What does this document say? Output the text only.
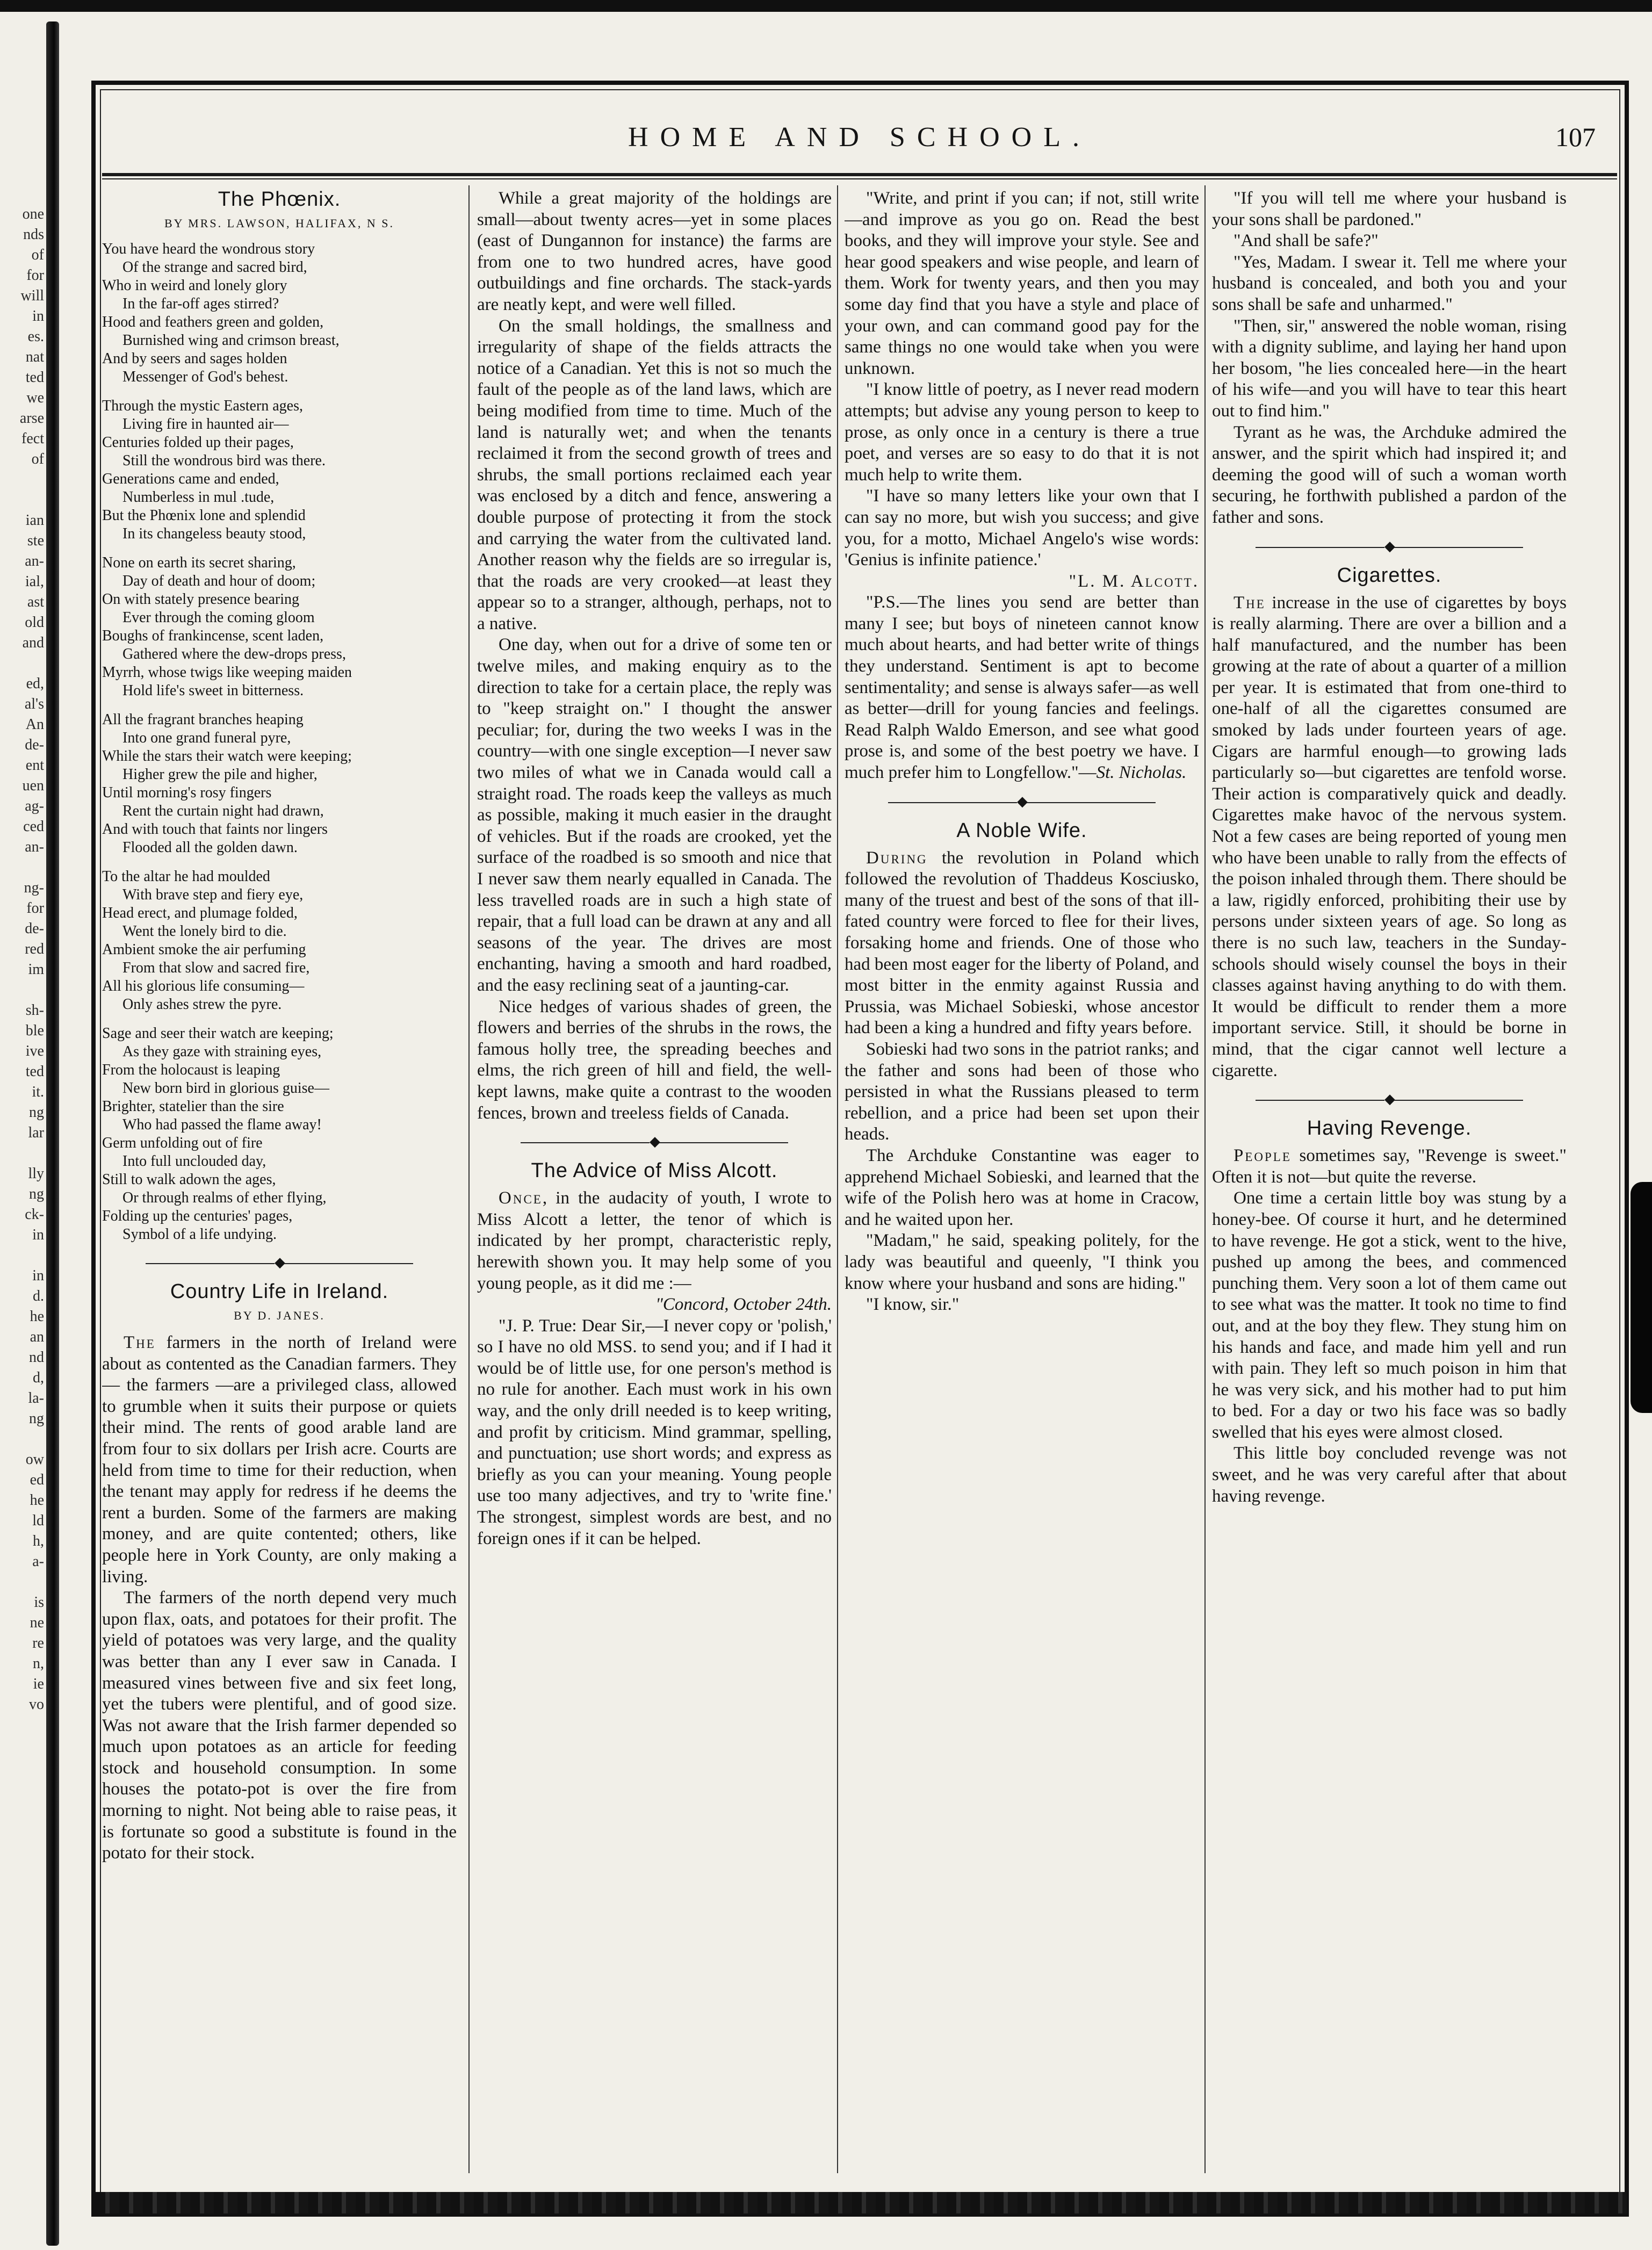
one
nds
of
for
will
in
es.
nat
ted
we
arse
fect
of
ian
ste
an-
ial,
ast
old
and
ed,
al's
An
de-
ent
uen
ag-
ced
an-
ng-
for
de-
red
im
sh-
ble
ive
ted
it.
ng
lar
lly
ng
ck-
in
in
d.
he
an
nd
d,
la-
ng
ow
ed
he
ld
h,
a-
is
ne
re
n,
ie
vo
HOME AND SCHOOL.	107
The Phœnix.
BY MRS. LAWSON, HALIFAX, N S.
You have heard the wondrous story
Of the strange and sacred bird,
Who in weird and lonely glory
In the far-off ages stirred?
Hood and feathers green and golden,
Burnished wing and crimson breast,
And by seers and sages holden
Messenger of God's behest.
Through the mystic Eastern ages,
Living fire in haunted air—
Centuries folded up their pages,
Still the wondrous bird was there.
Generations came and ended,
Numberless in mul .tude,
But the Phœnix lone and splendid
In its changeless beauty stood,
None on earth its secret sharing,
Day of death and hour of doom;
On with stately presence bearing
Ever through the coming gloom
Boughs of frankincense, scent laden,
Gathered where the dew-drops press,
Myrrh, whose twigs like weeping maiden
Hold life's sweet in bitterness.
All the fragrant branches heaping
Into one grand funeral pyre,
While the stars their watch were keeping;
Higher grew the pile and higher,
Until morning's rosy fingers
Rent the curtain night had drawn,
And with touch that faints nor lingers
Flooded all the golden dawn.
To the altar he had moulded
With brave step and fiery eye,
Head erect, and plumage folded,
Went the lonely bird to die.
Ambient smoke the air perfuming
From that slow and sacred fire,
All his glorious life consuming—
Only ashes strew the pyre.
Sage and seer their watch are keeping;
As they gaze with straining eyes,
From the holocaust is leaping
New born bird in glorious guise—
Brighter, statelier than the sire
Who had passed the flame away!
Germ unfolding out of fire
Into full unclouded day,
Still to walk adown the ages,
Or through realms of ether flying,
Folding up the centuries' pages,
Symbol of a life undying.
◆
Country Life in Ireland.
BY D. JANES.

The farmers in the north of Ireland were about as contented as the Canadian farmers. They — the farmers —are a privileged class, allowed to grumble when it suits their purpose or quiets their mind. The rents of good arable land are from four to six dollars per Irish acre. Courts are held from time to time for their reduction, when the tenant may apply for redress if he deems the rent a burden. Some of the farmers are making money, and are quite contented; others, like people here in York County, are only making a living.

The farmers of the north depend very much upon flax, oats, and potatoes for their profit. The yield of potatoes was very large, and the quality was better than any I ever saw in Canada. I measured vines between five and six feet long, yet the tubers were plentiful, and of good size. Was not aware that the Irish farmer depended so much upon potatoes as an article for feeding stock and household consumption. In some houses the potato-pot is over the fire from morning to night. Not being able to raise peas, it is fortunate so good a substitute is found in the potato for their stock.

While a great majority of the holdings are small—about twenty acres—yet in some places (east of Dungannon for instance) the farms are from one to two hundred acres, have good outbuildings and fine orchards. The stack-yards are neatly kept, and were well filled.

On the small holdings, the smallness and irregularity of shape of the fields attracts the notice of a Canadian. Yet this is not so much the fault of the people as of the land laws, which are being modified from time to time. Much of the land is naturally wet; and when the tenants reclaimed it from the second growth of trees and shrubs, the small portions reclaimed each year was enclosed by a ditch and fence, answering a double purpose of protecting it from the stock and carrying the water from the cultivated land. Another reason why the fields are so irregular is, that the roads are very crooked—at least they appear so to a stranger, although, perhaps, not to a native.

One day, when out for a drive of some ten or twelve miles, and making enquiry as to the direction to take for a certain place, the reply was to "keep straight on." I thought the answer peculiar; for, during the two weeks I was in the country—with one single exception—I never saw two miles of what we in Canada would call a straight road. The roads keep the valleys as much as possible, making it much easier in the draught of vehicles. But if the roads are crooked, yet the surface of the roadbed is so smooth and nice that I never saw them nearly equalled in Canada. The less travelled roads are in such a high state of repair, that a full load can be drawn at any and all seasons of the year. The drives are most enchanting, having a smooth and hard roadbed, and the easy reclining seat of a jaunting-car.

Nice hedges of various shades of green, the flowers and berries of the shrubs in the rows, the famous holly tree, the spreading beeches and elms, the rich green of hill and field, the well-kept lawns, make quite a contrast to the wooden fences, brown and treeless fields of Canada.

◆
The Advice of Miss Alcott.

Once, in the audacity of youth, I wrote to Miss Alcott a letter, the tenor of which is indicated by her prompt, characteristic reply, herewith shown you. It may help some of you young people, as it did me :—

"Concord, October 24th.

"J. P. True: Dear Sir,—I never copy or 'polish,' so I have no old MSS. to send you; and if I had it would be of little use, for one person's method is no rule for another. Each must work in his own way, and the only drill needed is to keep writing, and profit by criticism. Mind grammar, spelling, and punctuation; use short words; and express as briefly as you can your meaning. Young people use too many adjectives, and try to 'write fine.' The strongest, simplest words are best, and no foreign ones if it can be helped.

"Write, and print if you can; if not, still write—and improve as you go on. Read the best books, and they will improve your style. See and hear good speakers and wise people, and learn of them. Work for twenty years, and then you may some day find that you have a style and place of your own, and can command good pay for the same things no one would take when you were unknown.

"I know little of poetry, as I never read modern attempts; but advise any young person to keep to prose, as only once in a century is there a true poet, and verses are so easy to do that it is not much help to write them.

"I have so many letters like your own that I can say no more, but wish you success; and give you, for a motto, Michael Angelo's wise words: 'Genius is infinite patience.'

"L. M. Alcott.

"P.S.—The lines you send are better than many I see; but boys of nineteen cannot know much about hearts, and had better write of things they understand. Sentiment is apt to become sentimentality; and sense is always safer—as well as better—drill for young fancies and feelings. Read Ralph Waldo Emerson, and see what good prose is, and some of the best poetry we have. I much prefer him to Longfellow."—St. Nicholas.

◆
A Noble Wife.

During the revolution in Poland which followed the revolution of Thaddeus Kosciusko, many of the truest and best of the sons of that ill-fated country were forced to flee for their lives, forsaking home and friends. One of those who had been most eager for the liberty of Poland, and most bitter in the enmity against Russia and Prussia, was Michael Sobieski, whose ancestor had been a king a hundred and fifty years before.

Sobieski had two sons in the patriot ranks; and the father and sons had been of those who persisted in what the Russians pleased to term rebellion, and a price had been set upon their heads.

The Archduke Constantine was eager to apprehend Michael Sobieski, and learned that the wife of the Polish hero was at home in Cracow, and he waited upon her.

"Madam," he said, speaking politely, for the lady was beautiful and queenly, "I think you know where your husband and sons are hiding."

"I know, sir."

"If you will tell me where your husband is your sons shall be pardoned."

"And shall be safe?"

"Yes, Madam. I swear it. Tell me where your husband is concealed, and both you and your sons shall be safe and unharmed."

"Then, sir," answered the noble woman, rising with a dignity sublime, and laying her hand upon her bosom, "he lies concealed here—in the heart of his wife—and you will have to tear this heart out to find him."

Tyrant as he was, the Archduke admired the answer, and the spirit which had inspired it; and deeming the good will of such a woman worth securing, he forthwith published a pardon of the father and sons.

◆
Cigarettes.

The increase in the use of cigarettes by boys is really alarming. There are over a billion and a half manufactured, and the number has been growing at the rate of about a quarter of a million per year. It is estimated that from one-third to one-half of all the cigarettes consumed are smoked by lads under fourteen years of age. Cigars are harmful enough—to growing lads particularly so—but cigarettes are tenfold worse. Their action is comparatively quick and deadly. Cigarettes make havoc of the nervous system. Not a few cases are being reported of young men who have been unable to rally from the effects of the poison inhaled through them. There should be a law, rigidly enforced, prohibiting their use by persons under sixteen years of age. So long as there is no such law, teachers in the Sunday-schools should wisely counsel the boys in their classes against having anything to do with them. It would be difficult to render them a more important service. Still, it should be borne in mind, that the cigar cannot well lecture a cigarette.

◆
Having Revenge.

People sometimes say, "Revenge is sweet." Often it is not—but quite the reverse.

One time a certain little boy was stung by a honey-bee. Of course it hurt, and he determined to have revenge. He got a stick, went to the hive, pushed up among the bees, and commenced punching them. Very soon a lot of them came out to see what was the matter. It took no time to find out, and at the boy they flew. They stung him on his hands and face, and made him yell and run with pain. They left so much poison in him that he was very sick, and his mother had to put him to bed. For a day or two his face was so badly swelled that his eyes were almost closed.

This little boy concluded revenge was not sweet, and he was very careful after that about having revenge.
